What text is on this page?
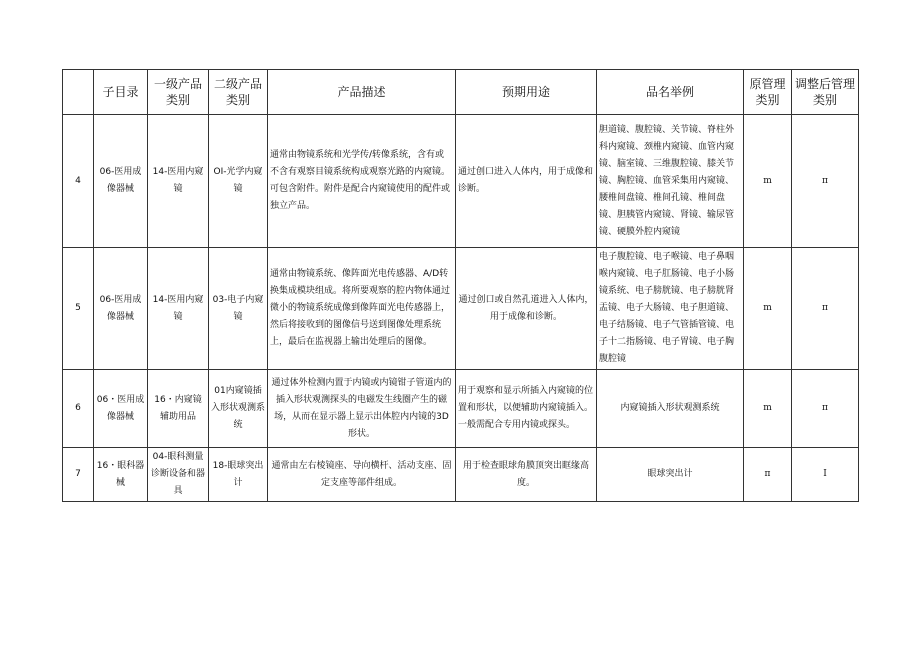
	子目录	一级产品类别	二级产品类别	产品描述	预期用途	品名举例	原管理类别	调整后管理类别
4	06-医用成像器械	14-医用内窥镜	OI-光学内窥镜	通常由物镜系统和光学传/转像系统，含有或不含有观察目镜系统构成观察光路的内窥镜。可包含附件。附件是配合内窥镜使用的配件或独立产品。	通过创口进入人体内，用于成像和诊断。	胆道镜、腹腔镜、关节镜、脊柱外科内窥镜、颈椎内窥镜、血管内窥镜、脑室镜、三维腹腔镜、膝关节镜、胸腔镜、血管采集用内窥镜、腰椎间盘镜、椎间孔镜、椎间盘镜、胆胰管内窥镜、肾镜、输尿管镜、硬膜外腔内窥镜	m	π
5	06-医用成像器械	14-医用内窥镜	03-电子内窥镜	通常由物镜系统、像阵面光电传感器、A/D转换集成模块组成。将所要观察的腔内物体通过微小的物镜系统成像到像阵面光电传感器上，然后将接收到的图像信号送到图像处理系统上，最后在监视器上输出处理后的图像。	通过创口或自然孔道进入人体内，用于成像和诊断。	电子腹腔镜、电子喉镜、电子鼻咽喉内窥镜、电子肛肠镜、电子小肠镜系统、电子膀胱镜、电子膀胱肾盂镜、电子大肠镜、电子胆道镜、电子结肠镜、电子气管插管镜、电子十二指肠镜、电子胃镜、电子胸腹腔镜	m	π
6	06・医用成像器械	16・内窥镜辅助用品	01内窥镜插入形状观测系统	通过体外检测内置于内镜或内镜钳子管道内的插入形状观测探头的电磁发生线圈产生的磁场，从而在显示器上显示出体腔内内镜的3D形状。	用于观察和显示所插入内窥镜的位置和形状，以便辅助内窥镜插入。一般需配合专用内镜或探头。	内窥镜插入形状观测系统	m	π
7	16・眼科器械	04-眼科测量诊断设备和器具	18-眼球突出计	通常由左右棱镜座、导向横杆、活动支座、固定支座等部件组成。	用于检查眼球角膜顶突出眶缘高度。	眼球突出计	π	I
